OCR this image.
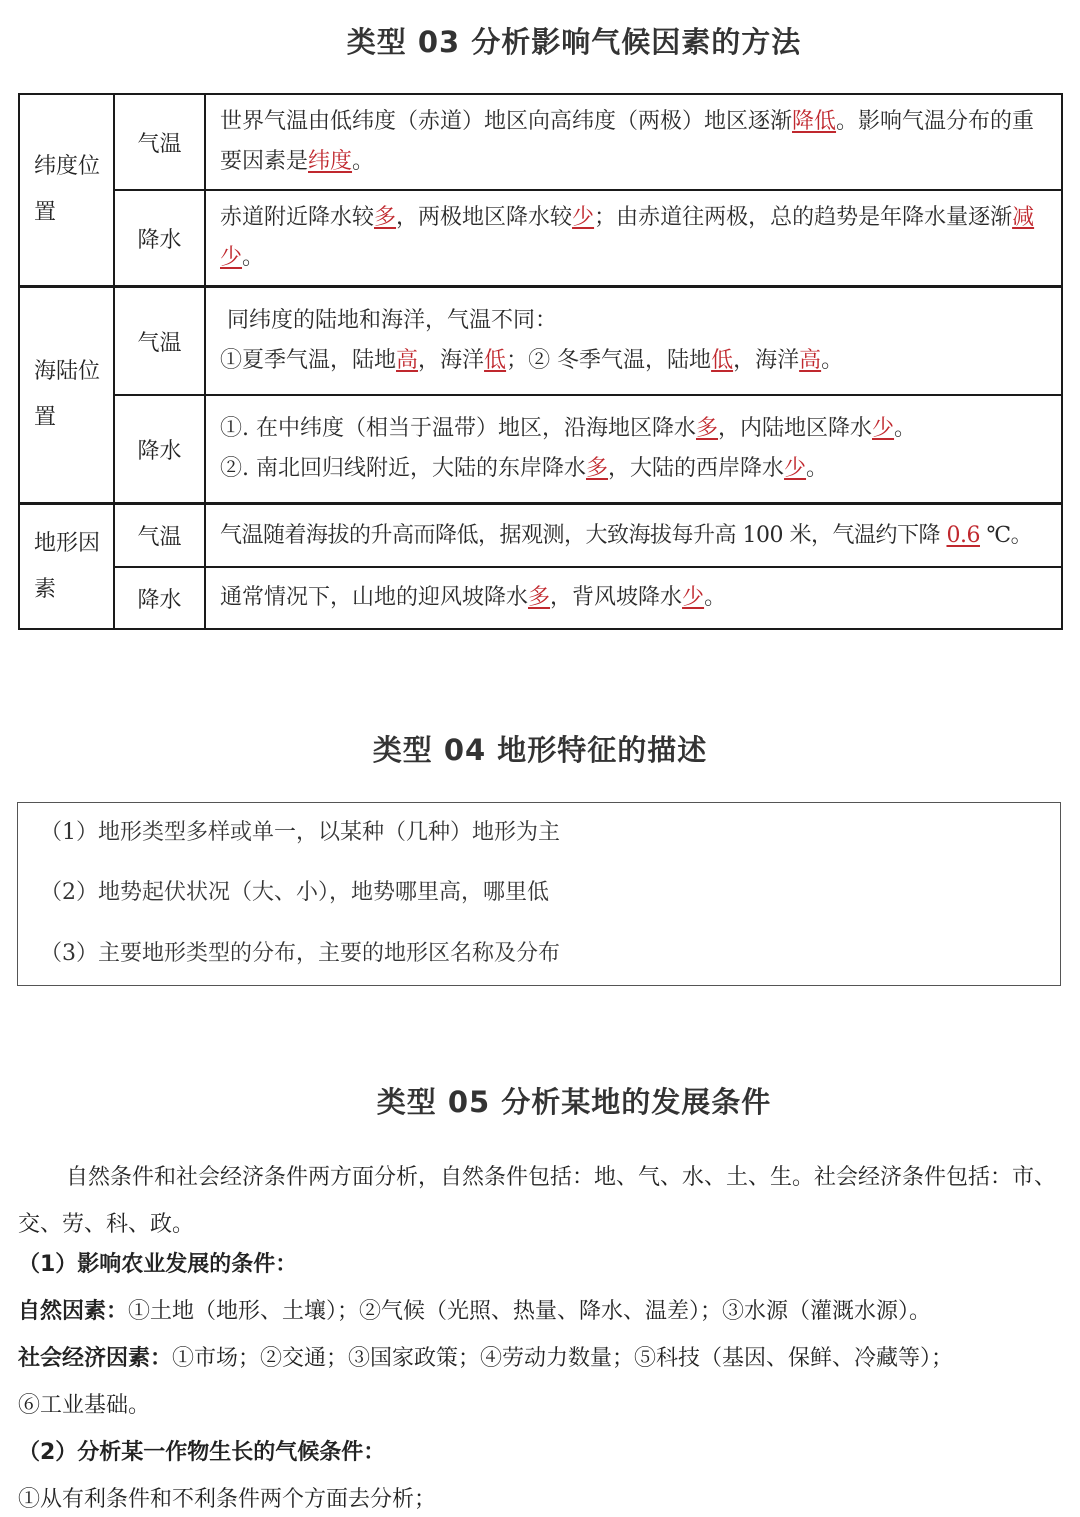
类型 03 分析影响气候因素的方法
纬度位置	气温	世界气温由低纬度（赤道）地区向高纬度（两极）地区逐渐降低。影响气温分布的重要因素是纬度。
	降水	赤道附近降水较多，两极地区降水较少；由赤道往两极，总的趋势是年降水量逐渐减少。
海陆位置	气温	同纬度的陆地和海洋，气温不同：
①夏季气温，陆地高，海洋低；② 冬季气温，陆地低，海洋高。

	降水	①. 在中纬度（相当于温带）地区，沿海地区降水多，内陆地区降水少。
②. 南北回归线附近，大陆的东岸降水多，大陆的西岸降水少。

地形因素	气温	气温随着海拔的升高而降低，据观测，大致海拔每升高 100 米，气温约下降 0.6 ℃。
	降水	通常情况下，山地的迎风坡降水多，背风坡降水少。
类型 04 地形特征的描述
（1）地形类型多样或单一，以某种（几种）地形为主
（2）地势起伏状况（大、小），地势哪里高，哪里低
（3）主要地形类型的分布，主要的地形区名称及分布
类型 05 分析某地的发展条件
自然条件和社会经济条件两方面分析，自然条件包括：地、气、水、土、生。社会经济条件包括：市、交、劳、科、政。
（1）影响农业发展的条件：
自然因素：①土地（地形、土壤）；②气候（光照、热量、降水、温差）；③水源（灌溉水源）。
社会经济因素：①市场；②交通；③国家政策；④劳动力数量；⑤科技（基因、保鲜、冷藏等）；
⑥工业基础。
（2）分析某一作物生长的气候条件：
①从有利条件和不利条件两个方面去分析；
